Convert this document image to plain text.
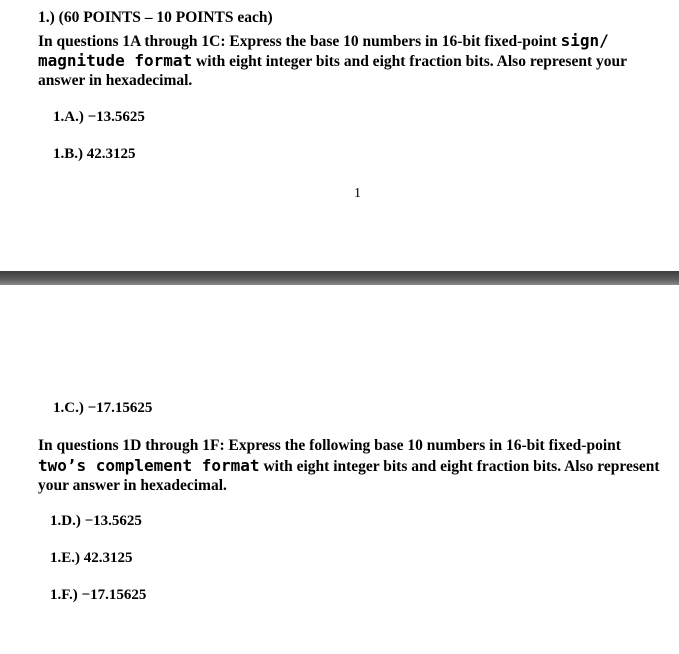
1.) (60 POINTS – 10 POINTS each)
In questions 1A through 1C: Express the base 10 numbers in 16-bit fixed-point sign/
magnitude format with eight integer bits and eight fraction bits. Also represent your
answer in hexadecimal.
1.A.) −13.5625
1.B.) 42.3125
1
1.C.) −17.15625
In questions 1D through 1F: Express the following base 10 numbers in 16-bit fixed-point
two’s complement format with eight integer bits and eight fraction bits. Also represent
your answer in hexadecimal.
1.D.) −13.5625
1.E.) 42.3125
1.F.) −17.15625
